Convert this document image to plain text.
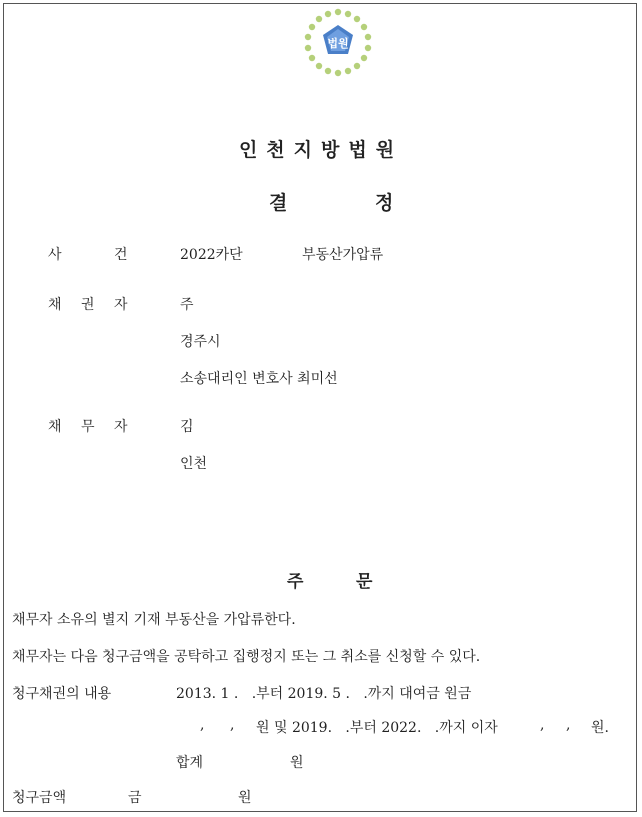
법원
인천지방법원
결	정
사	건	2022카단	부동산가압류
채 권 자	주
경주시
소송대리인 변호사 최미선
채 무 자	김
인천
주	문
채무자 소유의 별지 기재 부동산을 가압류한다.
채무자는 다음 청구금액을 공탁하고 집행정지 또는 그 취소를 신청할 수 있다.
청구채권의 내용	2013. 1 .   .부터 2019. 5 .   .까지 대여금 원금
, , 원 및 2019.   .부터 2022.   .까지 이자	, , 원.
합계	원
청구금액	금	원
